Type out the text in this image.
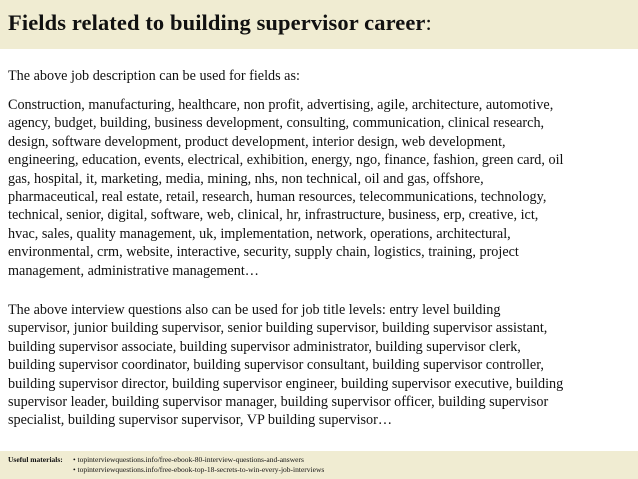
Fields related to building supervisor career:
The above job description can be used for fields as:
Construction, manufacturing, healthcare, non profit, advertising, agile, architecture, automotive,
agency, budget, building, business development, consulting, communication, clinical research,
design, software development, product development, interior design, web development,
engineering, education, events, electrical, exhibition, energy, ngo, finance, fashion, green card, oil
gas, hospital, it, marketing, media, mining, nhs, non technical, oil and gas, offshore,
pharmaceutical, real estate, retail, research, human resources, telecommunications, technology,
technical, senior, digital, software, web, clinical, hr, infrastructure, business, erp, creative, ict,
hvac, sales, quality management, uk, implementation, network, operations, architectural,
environmental, crm, website, interactive, security, supply chain, logistics, training, project
management, administrative management…
The above interview questions also can be used for job title levels: entry level building
supervisor, junior building supervisor, senior building supervisor, building supervisor assistant,
building supervisor associate, building supervisor administrator, building supervisor clerk,
building supervisor coordinator, building supervisor consultant, building supervisor controller,
building supervisor director, building supervisor engineer, building supervisor executive, building
supervisor leader, building supervisor manager, building supervisor officer, building supervisor
specialist, building supervisor supervisor, VP building supervisor…
Useful materials: • topinterviewquestions.info/free-ebook-80-interview-questions-and-answers
• topinterviewquestions.info/free-ebook-top-18-secrets-to-win-every-job-interviews
